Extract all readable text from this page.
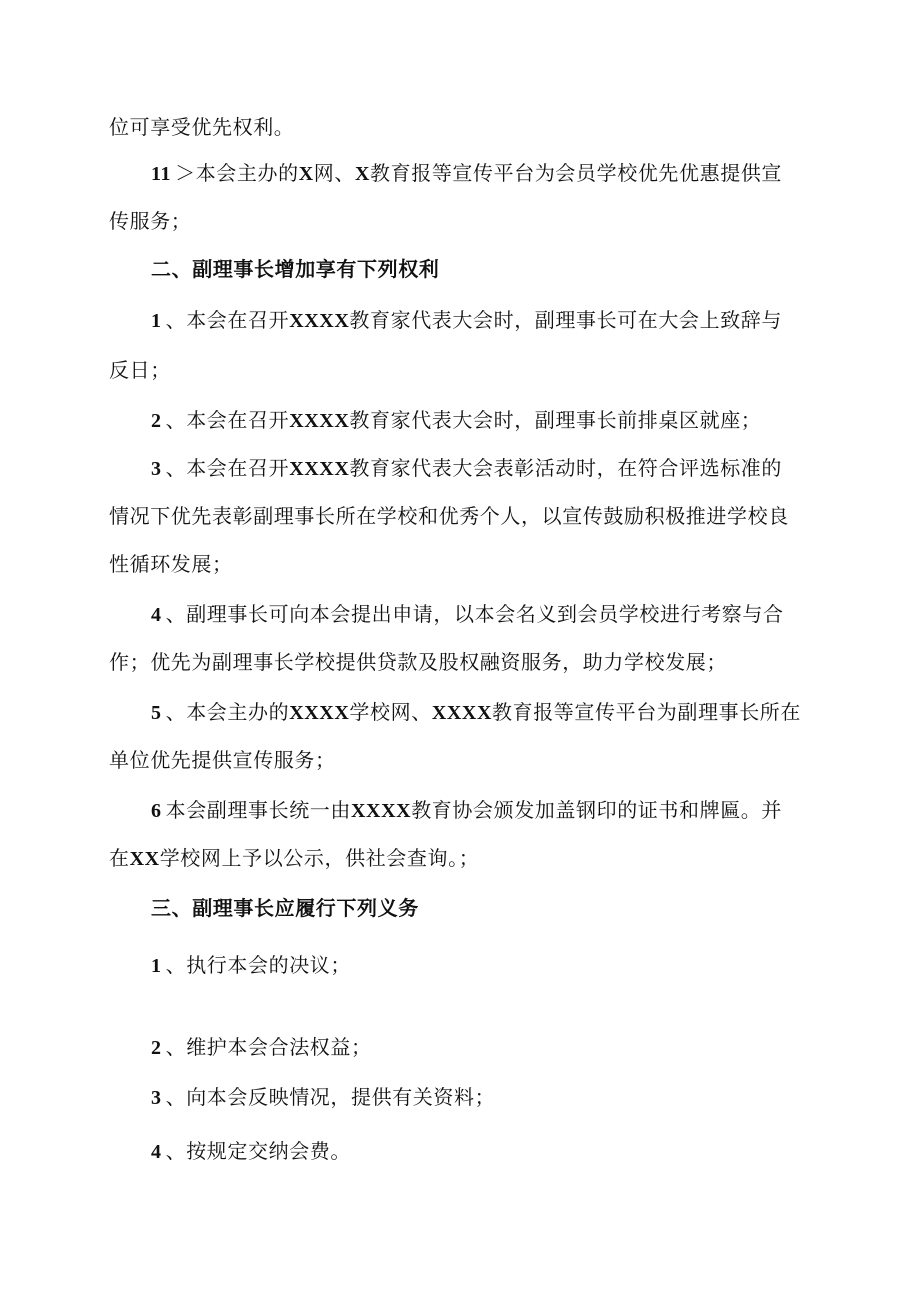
位可享受优先权利。
11 ＞本会主办的X网、X教育报等宣传平台为会员学校优先优惠提供宣
传服务；
二、副理事长增加享有下列权利
1 、本会在召开XXXX教育家代表大会时，副理事长可在大会上致辞与
反日；
2 、本会在召开XXXX教育家代表大会时，副理事长前排桌区就座；
3 、本会在召开XXXX教育家代表大会表彰活动时，在符合评选标准的
情况下优先表彰副理事长所在学校和优秀个人，以宣传鼓励积极推进学校良
性循环发展；
4 、副理事长可向本会提出申请，以本会名义到会员学校进行考察与合
作；优先为副理事长学校提供贷款及股权融资服务，助力学校发展；
5 、本会主办的XXXX学校网、XXXX教育报等宣传平台为副理事长所在
单位优先提供宣传服务；
6 本会副理事长统一由XXXX教育协会颁发加盖钢印的证书和牌匾。并
在XX学校网上予以公示，供社会查询。；
三、副理事长应履行下列义务
1 、执行本会的决议；
2 、维护本会合法权益；
3 、向本会反映情况，提供有关资料；
4 、按规定交纳会费。
